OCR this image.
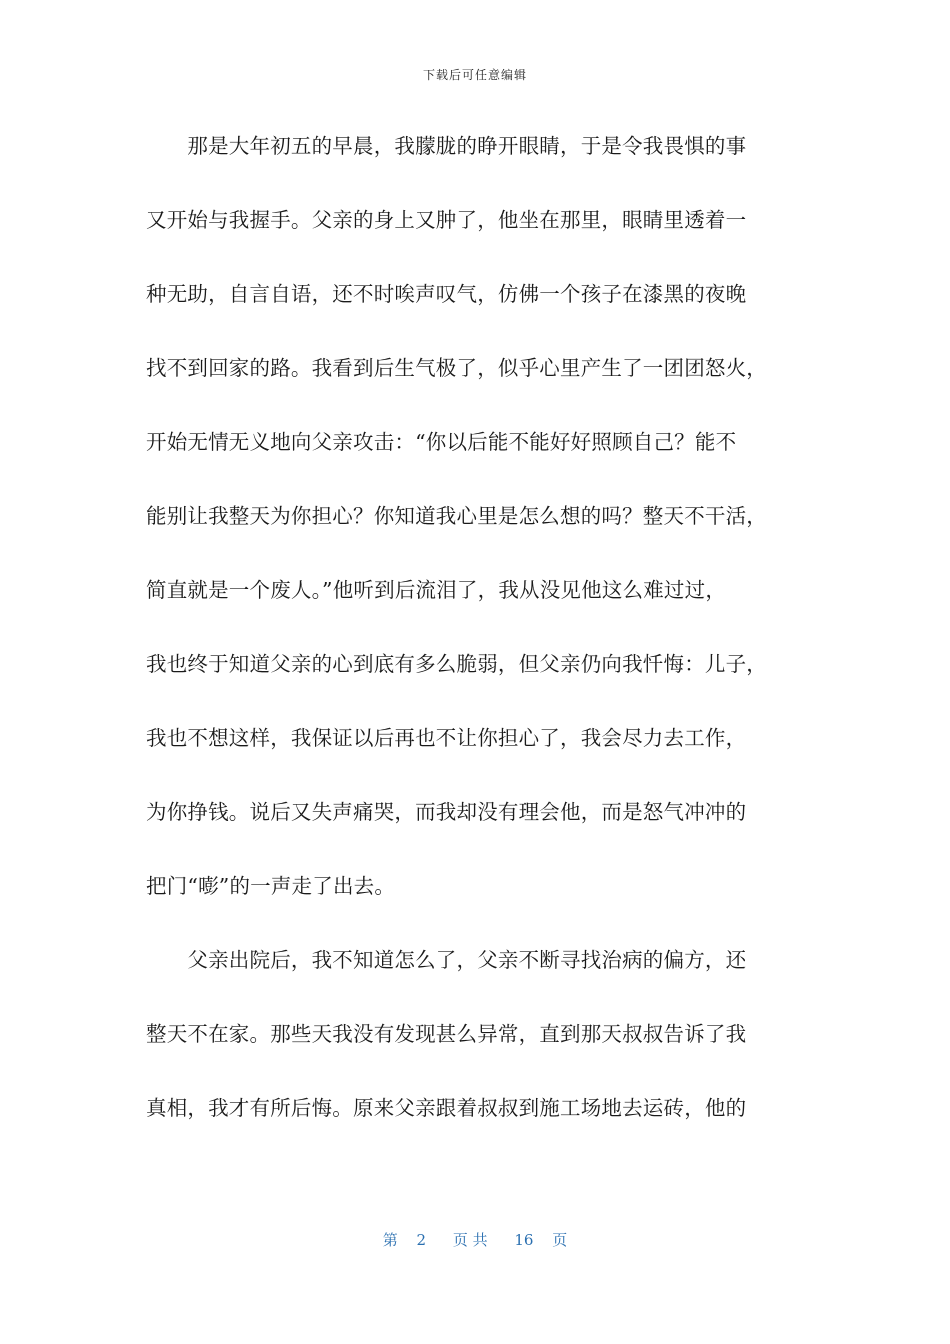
下载后可任意编辑
　　那是大年初五的早晨，我朦胧的睁开眼睛，于是令我畏惧的事
又开始与我握手。父亲的身上又肿了，他坐在那里，眼睛里透着一
种无助，自言自语，还不时唉声叹气，仿佛一个孩子在漆黑的夜晚
找不到回家的路。我看到后生气极了，似乎心里产生了一团团怒火，
开始无情无义地向父亲攻击：“你以后能不能好好照顾自己？能不
能别让我整天为你担心？你知道我心里是怎么想的吗？整天不干活，
简直就是一个废人。”他听到后流泪了，我从没见他这么难过过，
我也终于知道父亲的心到底有多么脆弱，但父亲仍向我忏悔：儿子，
我也不想这样，我保证以后再也不让你担心了，我会尽力去工作，
为你挣钱。说后又失声痛哭，而我却没有理会他，而是怒气冲冲的
把门“嘭”的一声走了出去。
　　父亲出院后，我不知道怎么了，父亲不断寻找治病的偏方，还
整天不在家。那些天我没有发现甚么异常，直到那天叔叔告诉了我
真相，我才有所后悔。原来父亲跟着叔叔到施工场地去运砖，他的
第 2 页 共 16 页
